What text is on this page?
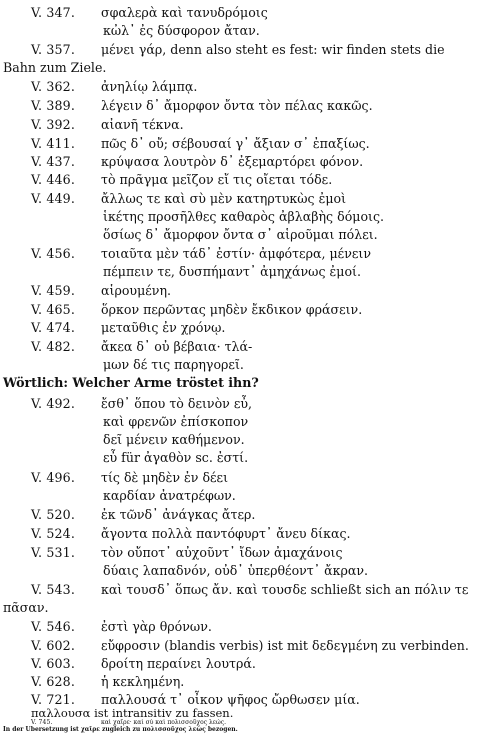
V. 347.	σφαλερὰ καὶ τανυδρόμοις
κὠλ᾽ ἐς δύσφορον ἄταν.
V. 357.	μένει γάρ, denn also steht es fest: wir finden stets die
Bahn zum Ziele.
V. 362.	ἀνηλίῳ λάμπᾳ.
V. 389.	λέγειν δ᾽ ἄμορφον ὄντα τὸν πέλας κακῶς.
V. 392.	αἰανῆ τέκνα.
V. 411.	πῶς δ᾽ οὔ; σέβουσαί γ᾽ ἄξιαν σ᾽ ἐπαξίως.
V. 437.	κρύψασα λουτρὸν δ᾽ ἐξεμαρτόρει φόνον.
V. 446.	τὸ πρᾶγμα μεῖζον εἴ τις οἴεται τόδε.
V. 449.	ἄλλως τε καὶ σὺ μὲν κατηρτυκὼς ἐμοὶ
ἱκέτης προσῆλθες καθαρὸς ἀβλαβὴς δόμοις.
ὅσίως δ᾽ ἄμορφον ὄντα σ᾽ αἱροῦμαι πόλει.
V. 456.	τοιαῦτα μὲν τάδ᾽ ἐστίν· ἀμφότερα, μένειν
πέμπειν τε, δυσπήμαντ᾽ ἀμηχάνως ἐμοί.
V. 459.	αἱρουμένη.
V. 465.	ὅρκον περῶντας μηδὲν ἔκδικον φράσειν.
V. 474.	μεταῦθις ἐν χρόνῳ.
V. 482.	ἄκεα δ᾽ οὐ βέβαια· τλά-
μων δέ τις παρηγορεῖ.
Wörtlich: Welcher Arme tröstet ihn?
V. 492.	ἔσθ᾽ ὅπου τὸ δεινὸν εὖ,
καὶ φρενῶν ἐπίσκοπον
δεῖ μένειν καθήμενον.
εὖ für ἀγαθὸν sc. ἐστί.
V. 496.	τίς δὲ μηδὲν ἐν δέει
καρδίαν ἀνατρέφων.
V. 520.	ἐκ τῶνδ᾽ ἀνάγκας ἄτερ.
V. 524.	ἄγοντα πολλὰ παντόφυρτ᾽ ἄνευ δίκας.
V. 531.	τὸν οὔποτ᾽ αὐχοῦντ᾽ ἴδων ἀμαχάνοις
δύαις λαπαδνόν, οὐδ᾽ ὑπερθέοντ᾽ ἄκραν.
V. 543.	καὶ τουσδ᾽ ὅπως ἄν. καὶ τουσδε schließt sich an πόλιν τε
πᾶσαν.
V. 546.	ἐστὶ γὰρ θρόνων.
V. 602.	εὔφροσιν (blandis verbis) ist mit δεδεγμένη zu verbinden.
V. 603.	δροίτη περαίνει λουτρά.
V. 628.	ἡ κεκλημένη.
V. 721.	παλλουσά τ᾽ οἶκον ψῆφος ὤρθωσεν μία.
παλλουσα ist intransitiv zu fassen.
V. 745.	καὶ χαῖρε· καὶ σὺ καὶ πολισσοῦχος λεώς.
In der Übersetzung ist χαῖρε zugleich zu πολισσοῦχος λεὼς bezogen.
